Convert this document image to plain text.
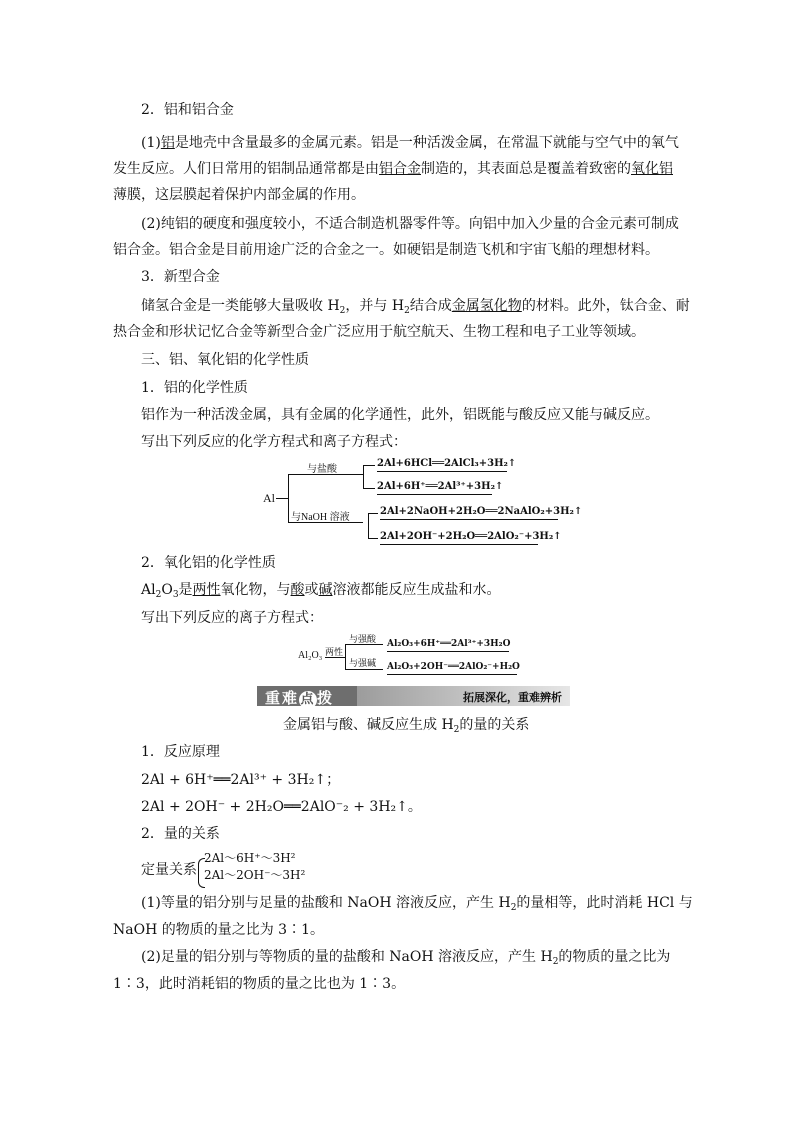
2．铝和铝合金
(1)铝是地壳中含量最多的金属元素。铝是一种活泼金属，在常温下就能与空气中的氧气
发生反应。人们日常用的铝制品通常都是由铝合金制造的，其表面总是覆盖着致密的氧化铝
薄膜，这层膜起着保护内部金属的作用。
(2)纯铝的硬度和强度较小，不适合制造机器零件等。向铝中加入少量的合金元素可制成
铝合金。铝合金是目前用途广泛的合金之一。如硬铝是制造飞机和宇宙飞船的理想材料。
3．新型合金
储氢合金是一类能够大量吸收 $H_2$，并与 $H_2$结合成金属氢化物的材料。此外，钛合金、耐
热合金和形状记忆合金等新型合金广泛应用于航空航天、生物工程和电子工业等领域。
三、铝、氧化铝的化学性质
1．铝的化学性质
铝作为一种活泼金属，具有金属的化学通性，此外，铝既能与酸反应又能与碱反应。
写出下列反应的化学方程式和离子方程式：
Al
与盐酸
与NaOH 溶液
2Al+6HCl══2AlCl₃+3H₂↑
2Al+6H⁺══2Al³⁺+3H₂↑
2Al+2NaOH+2H₂O══2NaAlO₂+3H₂↑
2Al+2OH⁻+2H₂O══2AlO₂⁻+3H₂↑
2．氧化铝的化学性质
$Al_2O_3$是两性氧化物，与酸或碱溶液都能反应生成盐和水。
写出下列反应的离子方程式：
Al₂O₃ 两性
与强酸
与强碱
Al₂O₃+6H⁺══2Al³⁺+3H₂O
Al₂O₃+2OH⁻══2AlO₂⁻+H₂O
重难点 拨	拓展深化，重难辨析
金属铝与酸、碱反应生成 $H_2$的量的关系
1．反应原理
2Al + 6H⁺══2Al³⁺ + 3H₂↑；
2Al + 2OH⁻ + 2H₂O══2AlO⁻₂ + 3H₂↑。
2．量的关系
定量关系
2Al～6H⁺～3H²
2Al～2OH⁻～3H²
(1)等量的铝分别与足量的盐酸和 NaOH 溶液反应，产生 $H_2$的量相等，此时消耗 HCl 与
NaOH 的物质的量之比为 3∶1。
(2)足量的铝分别与等物质的量的盐酸和 NaOH 溶液反应，产生 $H_2$的物质的量之比为
1∶3，此时消耗铝的物质的量之比也为 1∶3。
